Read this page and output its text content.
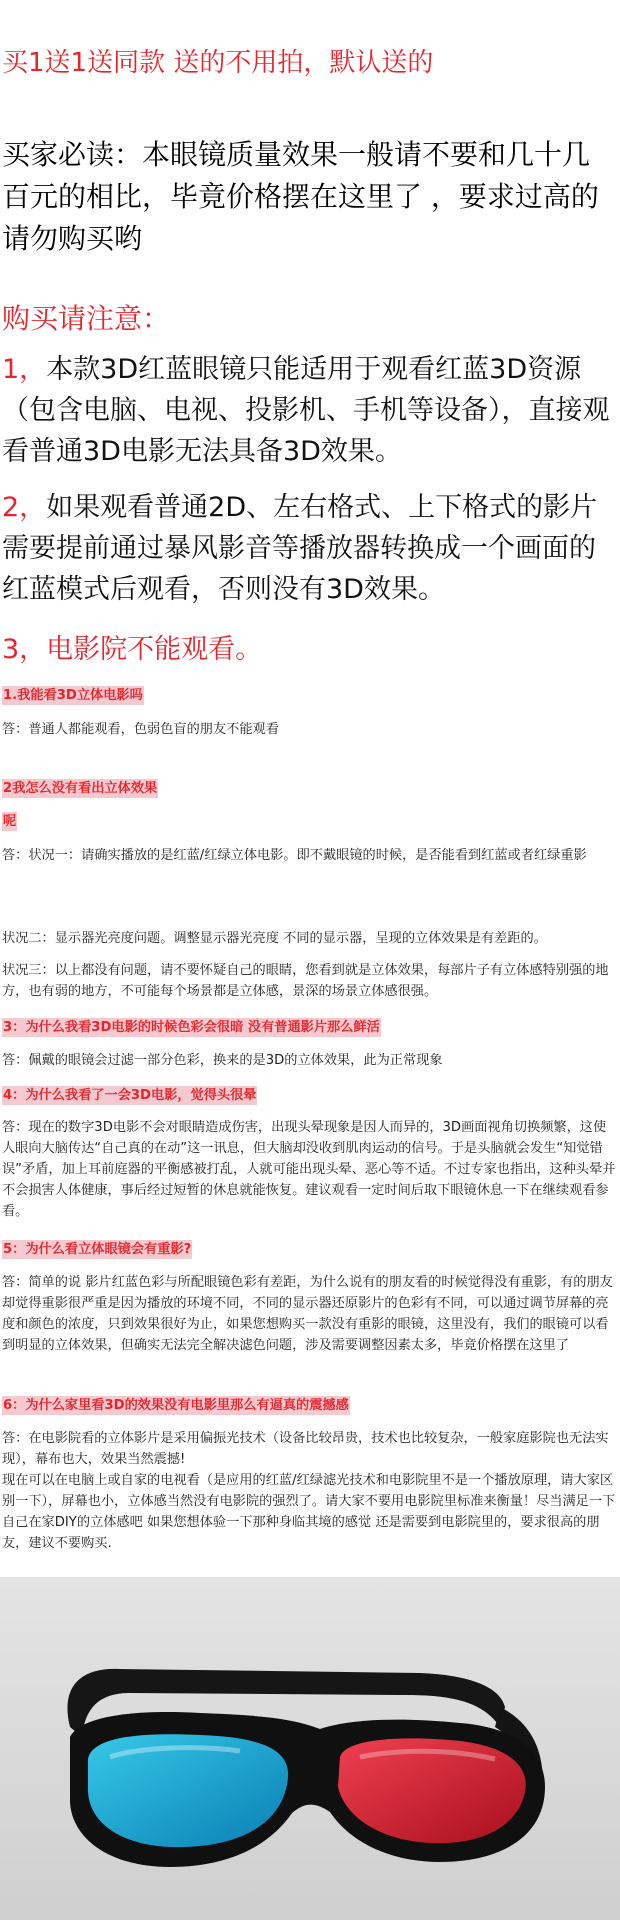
买1送1送同款 送的不用拍，默认送的
买家必读：本眼镜质量效果一般请不要和几十几百元的相比，毕竟价格摆在这里了 ，要求过高的请勿购买哟
购买请注意：
1，本款3D红蓝眼镜只能适用于观看红蓝3D资源（包含电脑、电视、投影机、手机等设备），直接观看普通3D电影无法具备3D效果。
2，如果观看普通2D、左右格式、上下格式的影片需要提前通过暴风影音等播放器转换成一个画面的红蓝模式后观看，否则没有3D效果。
3，电影院不能观看。
1.我能看3D立体电影吗
答：普通人都能观看，色弱色盲的朋友不能观看
2我怎么没有看出立体效果
呢
答：状况一：请确实播放的是红蓝/红绿立体电影。即不戴眼镜的时候，是否能看到红蓝或者红绿重影
状况二：显示器光亮度问题。调整显示器光亮度 不同的显示器，呈现的立体效果是有差距的。
状况三：以上都没有问题，请不要怀疑自己的眼睛，您看到就是立体效果，每部片子有立体感特别强的地方，也有弱的地方，不可能每个场景都是立体感，景深的场景立体感很强。
3：为什么我看3D电影的时候色彩会很暗 没有普通影片那么鲜活
答：佩戴的眼镜会过滤一部分色彩，换来的是3D的立体效果，此为正常现象
4：为什么我看了一会3D电影，觉得头很晕
答：现在的数字3D电影不会对眼睛造成伤害，出现头晕现象是因人而异的，3D画面视角切换频繁，这使人眼向大脑传达“自己真的在动”这一讯息，但大脑却没收到肌肉运动的信号。于是头脑就会发生“知觉错误”矛盾，加上耳前庭器的平衡感被打乱，人就可能出现头晕、恶心等不适。不过专家也指出，这种头晕并不会损害人体健康，事后经过短暂的休息就能恢复。建议观看一定时间后取下眼镜休息一下在继续观看参看。
5：为什么看立体眼镜会有重影?
答：简单的说 影片红蓝色彩与所配眼镜色彩有差距，为什么说有的朋友看的时候觉得没有重影，有的朋友却觉得重影很严重是因为播放的环境不同，不同的显示器还原影片的色彩有不同，可以通过调节屏幕的亮度和颜色的浓度，只到效果很好为止，如果您想购买一款没有重影的眼镜，这里没有，我们的眼镜可以看到明显的立体效果，但确实无法完全解决滤色问题，涉及需要调整因素太多，毕竟价格摆在这里了
6：为什么家里看3D的效果没有电影里那么有逼真的震撼感
答：在电影院看的立体影片是采用偏振光技术（设备比较昂贵，技术也比较复杂，一般家庭影院也无法实现），幕布也大，效果当然震撼!
现在可以在电脑上或自家的电视看（是应用的红蓝/红绿滤光技术和电影院里不是一个播放原理，请大家区别一下），屏幕也小，立体感当然没有电影院的强烈了。请大家不要用电影院里标准来衡量！尽当满足一下自己在家DIY的立体感吧 如果您想体验一下那种身临其境的感觉 还是需要到电影院里的，要求很高的朋友，建议不要购买.
